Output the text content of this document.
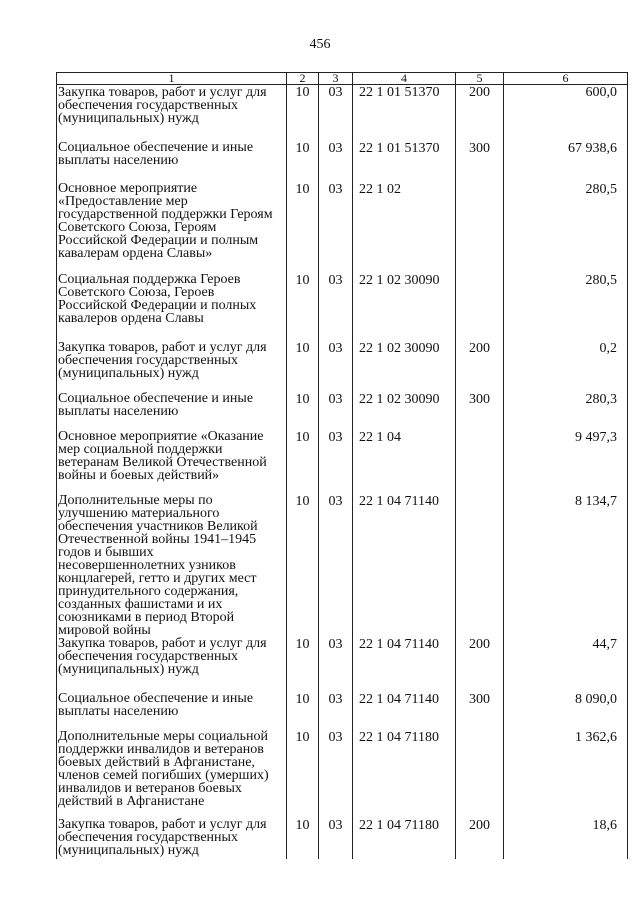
456
1	2	3	4	5	6
Закупка товаров, работ и услуг для обеспечения государственных (муниципальных) нужд	10	03	22 1 01 51370	200	600,0
Социальное обеспечение и иные выплаты населению	10	03	22 1 01 51370	300	67 938,6
Основное мероприятие «Предоставление мер государственной поддержки Героям Советского Союза, Героям Российской Федерации и полным кавалерам ордена Славы»	10	03	22 1 02		280,5
Социальная поддержка Героев Советского Союза, Героев Российской Федерации и полных кавалеров ордена Славы	10	03	22 1 02 30090		280,5
Закупка товаров, работ и услуг для обеспечения государственных (муниципальных) нужд	10	03	22 1 02 30090	200	0,2
Социальное обеспечение и иные выплаты населению	10	03	22 1 02 30090	300	280,3
Основное мероприятие «Оказание мер социальной поддержки ветеранам Великой Отечественной войны и боевых действий»	10	03	22 1 04		9 497,3
Дополнительные меры по улучшению материального обеспечения участников Великой Отечественной войны 1941–1945 годов и бывших несовершеннолетних узников концлагерей, гетто и других мест принудительного содержания, созданных фашистами и их союзниками в период Второй мировой войны	10	03	22 1 04 71140		8 134,7
Закупка товаров, работ и услуг для обеспечения государственных (муниципальных) нужд	10	03	22 1 04 71140	200	44,7
Социальное обеспечение и иные выплаты населению	10	03	22 1 04 71140	300	8 090,0
Дополнительные меры социальной поддержки инвалидов и ветеранов боевых действий в Афганистане, членов семей погибших (умерших) инвалидов и ветеранов боевых действий в Афганистане	10	03	22 1 04 71180		1 362,6
Закупка товаров, работ и услуг для обеспечения государственных (муниципальных) нужд	10	03	22 1 04 71180	200	18,6
